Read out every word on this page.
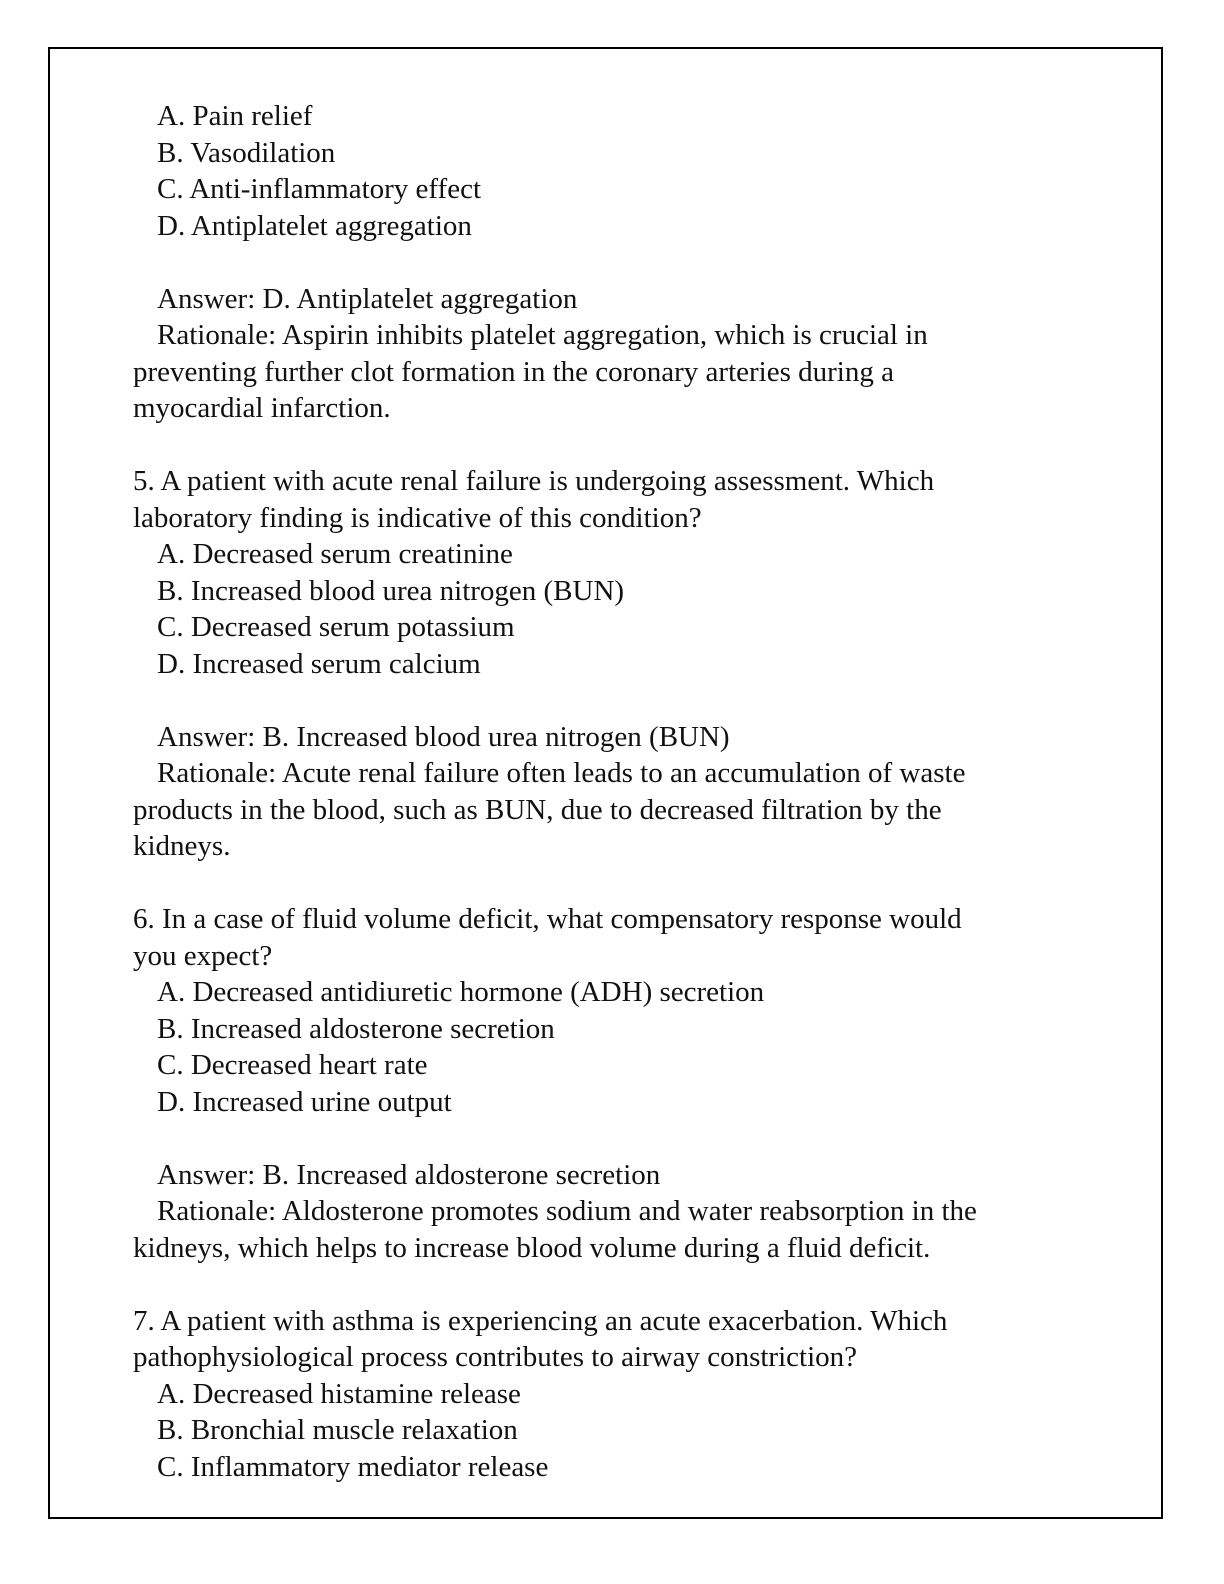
A. Pain relief
B. Vasodilation
C. Anti-inflammatory effect
D. Antiplatelet aggregation
Answer: D. Antiplatelet aggregation
Rationale: Aspirin inhibits platelet aggregation, which is crucial in
preventing further clot formation in the coronary arteries during a
myocardial infarction.
5. A patient with acute renal failure is undergoing assessment. Which
laboratory finding is indicative of this condition?
A. Decreased serum creatinine
B. Increased blood urea nitrogen (BUN)
C. Decreased serum potassium
D. Increased serum calcium
Answer: B. Increased blood urea nitrogen (BUN)
Rationale: Acute renal failure often leads to an accumulation of waste
products in the blood, such as BUN, due to decreased filtration by the
kidneys.
6. In a case of fluid volume deficit, what compensatory response would
you expect?
A. Decreased antidiuretic hormone (ADH) secretion
B. Increased aldosterone secretion
C. Decreased heart rate
D. Increased urine output
Answer: B. Increased aldosterone secretion
Rationale: Aldosterone promotes sodium and water reabsorption in the
kidneys, which helps to increase blood volume during a fluid deficit.
7. A patient with asthma is experiencing an acute exacerbation. Which
pathophysiological process contributes to airway constriction?
A. Decreased histamine release
B. Bronchial muscle relaxation
C. Inflammatory mediator release
